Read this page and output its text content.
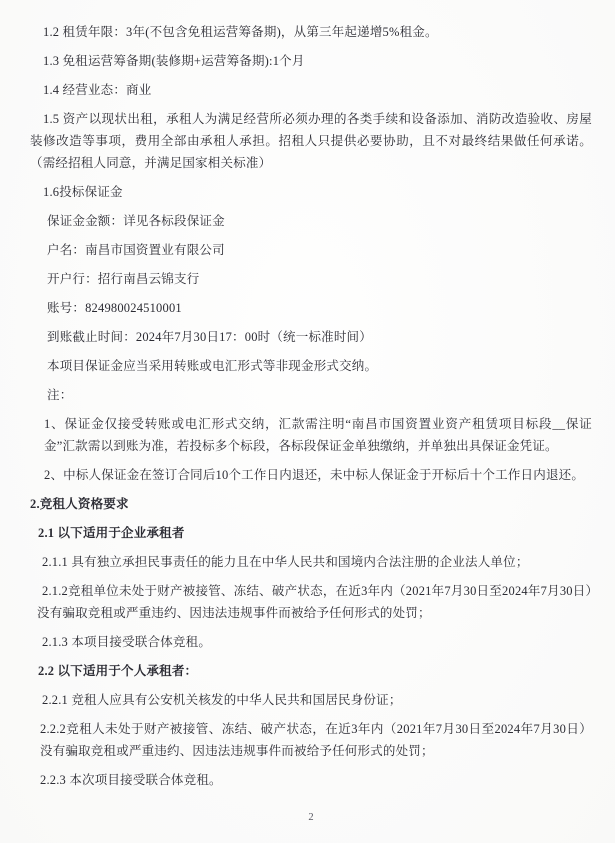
1.2 租赁年限：3年(不包含免租运营筹备期)，从第三年起递增5%租金。

1.3 免租运营筹备期(装修期+运营筹备期):1个月

1.4 经营业态：商业

1.5 资产以现状出租，承租人为满足经营所必须办理的各类手续和设备添加、消防改造验收、房屋装修改造等事项，费用全部由承租人承担。招租人只提供必要协助，且不对最终结果做任何承诺。（需经招租人同意，并满足国家相关标准）

1.6投标保证金

保证金金额：详见各标段保证金

户名：南昌市国资置业有限公司

开户行：招行南昌云锦支行

账号：824980024510001

到账截止时间：2024年7月30日17：00时（统一标准时间）

本项目保证金应当采用转账或电汇形式等非现金形式交纳。

注：

1、保证金仅接受转账或电汇形式交纳，汇款需注明“南昌市国资置业资产租赁项目标段__保证金”汇款需以到账为准，若投标多个标段，各标段保证金单独缴纳，并单独出具保证金凭证。

2、中标人保证金在签订合同后10个工作日内退还，未中标人保证金于开标后十个工作日内退还。

2.竞租人资格要求

2.1 以下适用于企业承租者

2.1.1 具有独立承担民事责任的能力且在中华人民共和国境内合法注册的企业法人单位；

2.1.2竞租单位未处于财产被接管、冻结、破产状态，在近3年内（2021年7月30日至2024年7月30日）没有骗取竞租或严重违约、因违法违规事件而被给予任何形式的处罚；

2.1.3 本项目接受联合体竞租。

2.2 以下适用于个人承租者：

2.2.1 竞租人应具有公安机关核发的中华人民共和国居民身份证；

2.2.2竞租人未处于财产被接管、冻结、破产状态，在近3年内（2021年7月30日至2024年7月30日）没有骗取竞租或严重违约、因违法违规事件而被给予任何形式的处罚；

2.2.3 本次项目接受联合体竞租。

2
